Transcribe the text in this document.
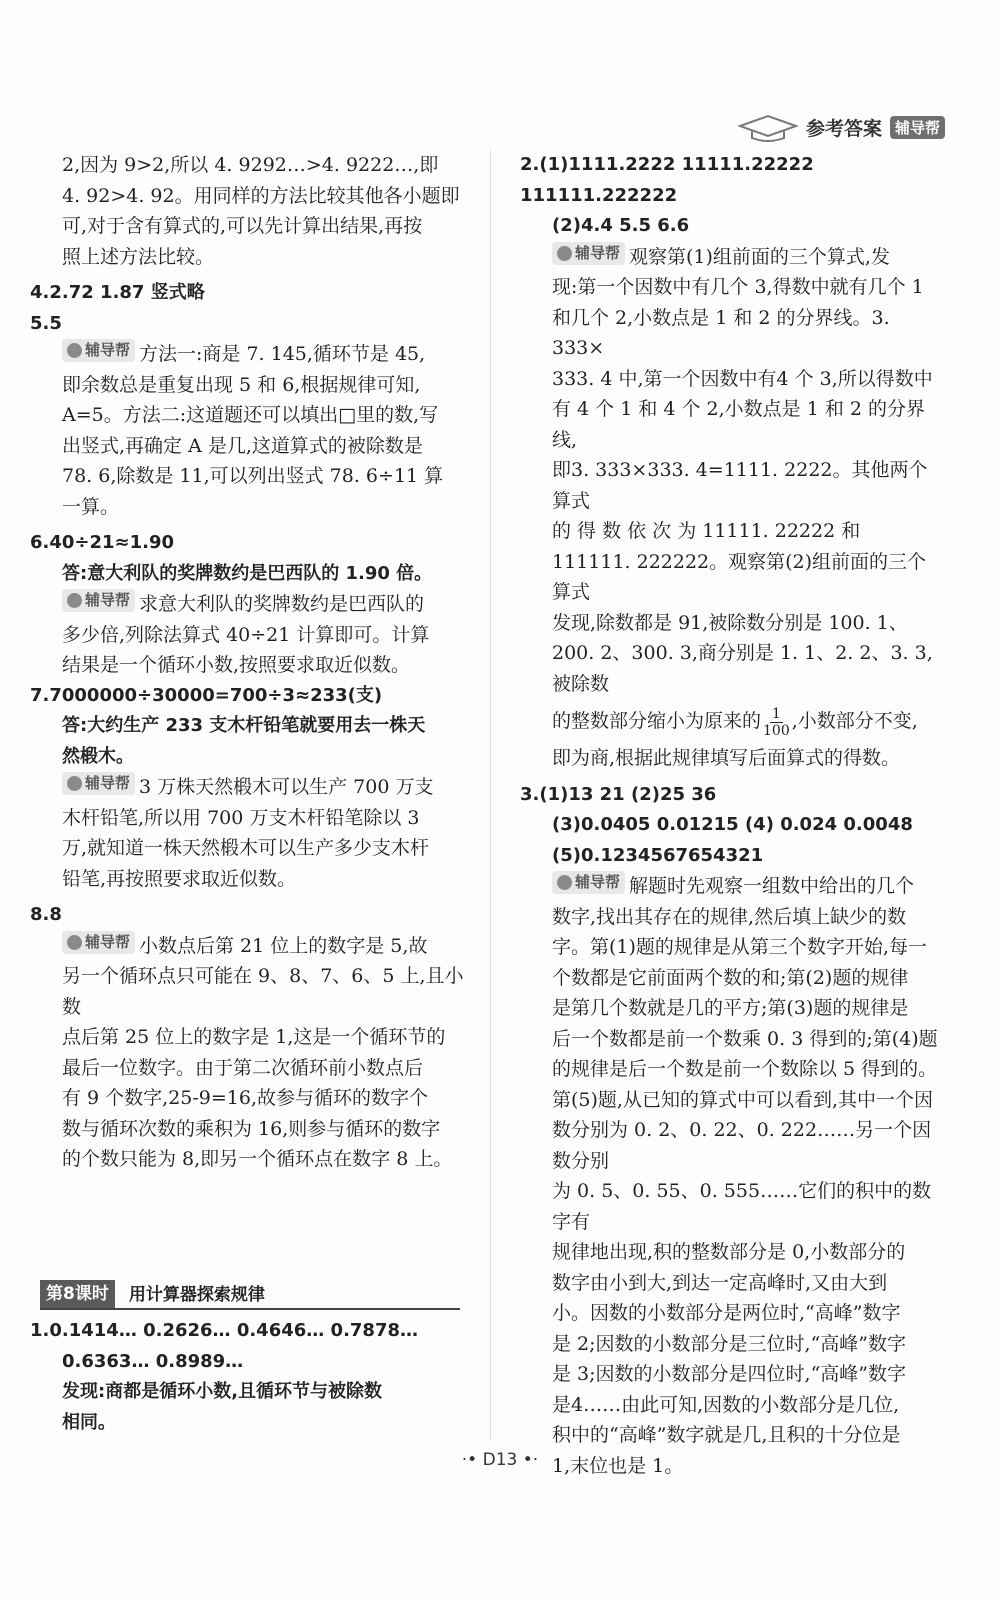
参考答案 辅导帮

2,因为 9>2,所以 4. 9292…>4. 9222…,即

4. 92>4. 92。用同样的方法比较其他各小题即

可,对于含有算式的,可以先计算出结果,再按

照上述方法比较。

4.2.72 1.87 竖式略

5.5

辅导帮 方法一:商是 7. 145,循环节是 45,

即余数总是重复出现 5 和 6,根据规律可知,

A=5。方法二:这道题还可以填出□里的数,写

出竖式,再确定 A 是几,这道算式的被除数是

78. 6,除数是 11,可以列出竖式 78. 6÷11 算

一算。

6.40÷21≈1.90

答:意大利队的奖牌数约是巴西队的 1.90 倍。

辅导帮 求意大利队的奖牌数约是巴西队的

多少倍,列除法算式 40÷21 计算即可。计算

结果是一个循环小数,按照要求取近似数。

7.7000000÷30000=700÷3≈233(支)

答:大约生产 233 支木杆铅笔就要用去一株天

然椴木。

辅导帮 3 万株天然椴木可以生产 700 万支

木杆铅笔,所以用 700 万支木杆铅笔除以 3

万,就知道一株天然椴木可以生产多少支木杆

铅笔,再按照要求取近似数。

8.8

辅导帮 小数点后第 21 位上的数字是 5,故

另一个循环点只可能在 9、8、7、6、5 上,且小数

点后第 25 位上的数字是 1,这是一个循环节的

最后一位数字。由于第二次循环前小数点后

有 9 个数字,25-9=16,故参与循环的数字个

数与循环次数的乘积为 16,则参与循环的数字

的个数只能为 8,即另一个循环点在数字 8 上。

第8课时	用计算器探索规律

1.0.1414… 0.2626… 0.4646… 0.7878…

0.6363… 0.8989…

发现:商都是循环小数,且循环节与被除数

相同。

2.(1)1111.2222 11111.22222 111111.222222

(2)4.4 5.5 6.6

辅导帮 观察第(1)组前面的三个算式,发

现:第一个因数中有几个 3,得数中就有几个 1

和几个 2,小数点是 1 和 2 的分界线。3. 333×

333. 4 中,第一个因数中有4 个 3,所以得数中

有 4 个 1 和 4 个 2,小数点是 1 和 2 的分界线,

即3. 333×333. 4=1111. 2222。其他两个算式

的 得 数 依 次 为 11111. 22222 和

111111. 222222。观察第(2)组前面的三个算式

发现,除数都是 91,被除数分别是 100. 1、

200. 2、300. 3,商分别是 1. 1、2. 2、3. 3,被除数

的整数部分缩小为原来的 $\frac{1}{100}$ ,小数部分不变,

即为商,根据此规律填写后面算式的得数。

3.(1)13 21 (2)25 36

(3)0.0405 0.01215 (4) 0.024 0.0048

(5)0.1234567654321

辅导帮 解题时先观察一组数中给出的几个

数字,找出其存在的规律,然后填上缺少的数

字。第(1)题的规律是从第三个数字开始,每一

个数都是它前面两个数的和;第(2)题的规律

是第几个数就是几的平方;第(3)题的规律是

后一个数都是前一个数乘 0. 3 得到的;第(4)题

的规律是后一个数是前一个数除以 5 得到的。

第(5)题,从已知的算式中可以看到,其中一个因

数分别为 0. 2、0. 22、0. 222……另一个因数分别

为 0. 5、0. 55、0. 555……它们的积中的数字有

规律地出现,积的整数部分是 0,小数部分的

数字由小到大,到达一定高峰时,又由大到

小。因数的小数部分是两位时,“高峰”数字

是 2;因数的小数部分是三位时,“高峰”数字

是 3;因数的小数部分是四位时,“高峰”数字

是4……由此可知,因数的小数部分是几位,

积中的“高峰”数字就是几,且积的十分位是

1,末位也是 1。

·• D13 •·
